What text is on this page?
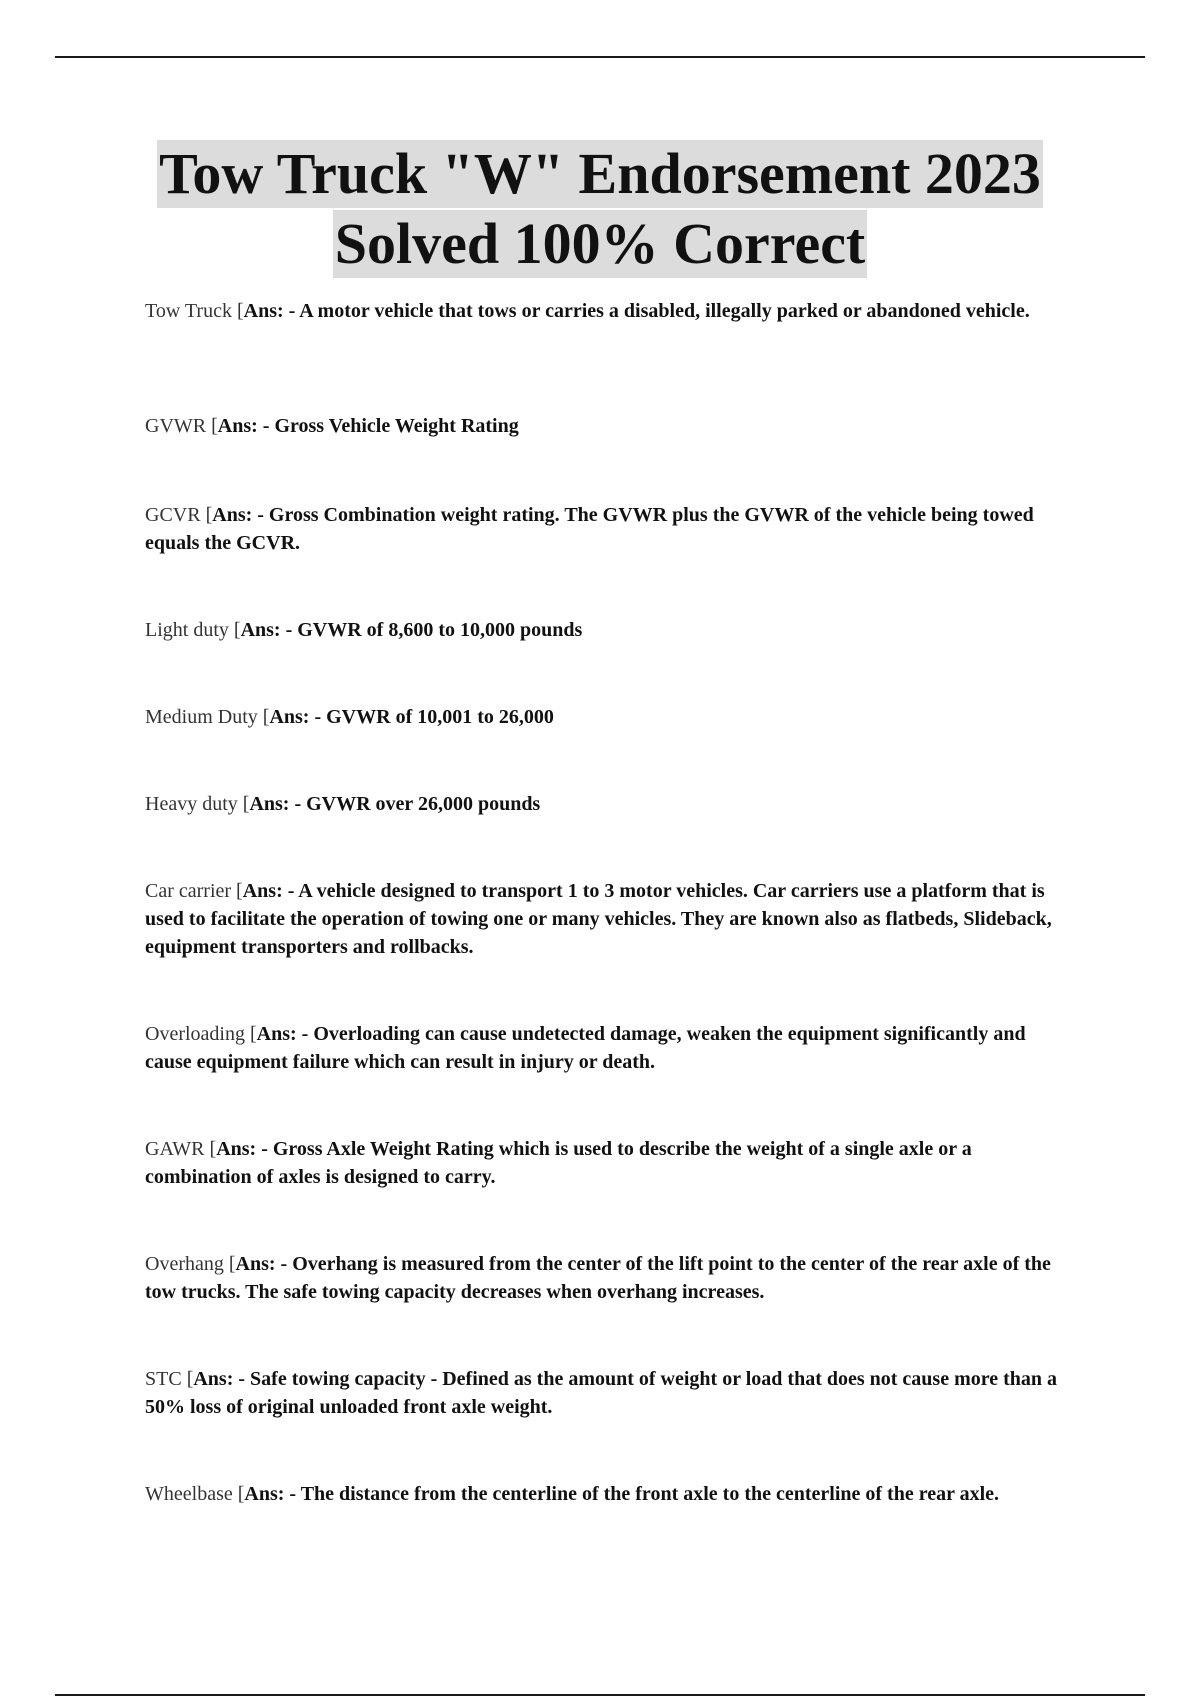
Tow Truck "W" Endorsement 2023
Solved 100% Correct
Tow Truck [Ans: - A motor vehicle that tows or carries a disabled, illegally parked or abandoned vehicle.
GVWR [Ans: - Gross Vehicle Weight Rating
GCVR [Ans: - Gross Combination weight rating. The GVWR plus the GVWR of the vehicle being towed equals the GCVR.
Light duty [Ans: - GVWR of 8,600 to 10,000 pounds
Medium Duty [Ans: - GVWR of 10,001 to 26,000
Heavy duty [Ans: - GVWR over 26,000 pounds
Car carrier [Ans: - A vehicle designed to transport 1 to 3 motor vehicles. Car carriers use a platform that is used to facilitate the operation of towing one or many vehicles. They are known also as flatbeds, Slideback, equipment transporters and rollbacks.
Overloading [Ans: - Overloading can cause undetected damage, weaken the equipment significantly and cause equipment failure which can result in injury or death.
GAWR [Ans: - Gross Axle Weight Rating which is used to describe the weight of a single axle or a combination of axles is designed to carry.
Overhang [Ans: - Overhang is measured from the center of the lift point to the center of the rear axle of the tow trucks. The safe towing capacity decreases when overhang increases.
STC [Ans: - Safe towing capacity - Defined as the amount of weight or load that does not cause more than a 50% loss of original unloaded front axle weight.
Wheelbase [Ans: - The distance from the centerline of the front axle to the centerline of the rear axle.
